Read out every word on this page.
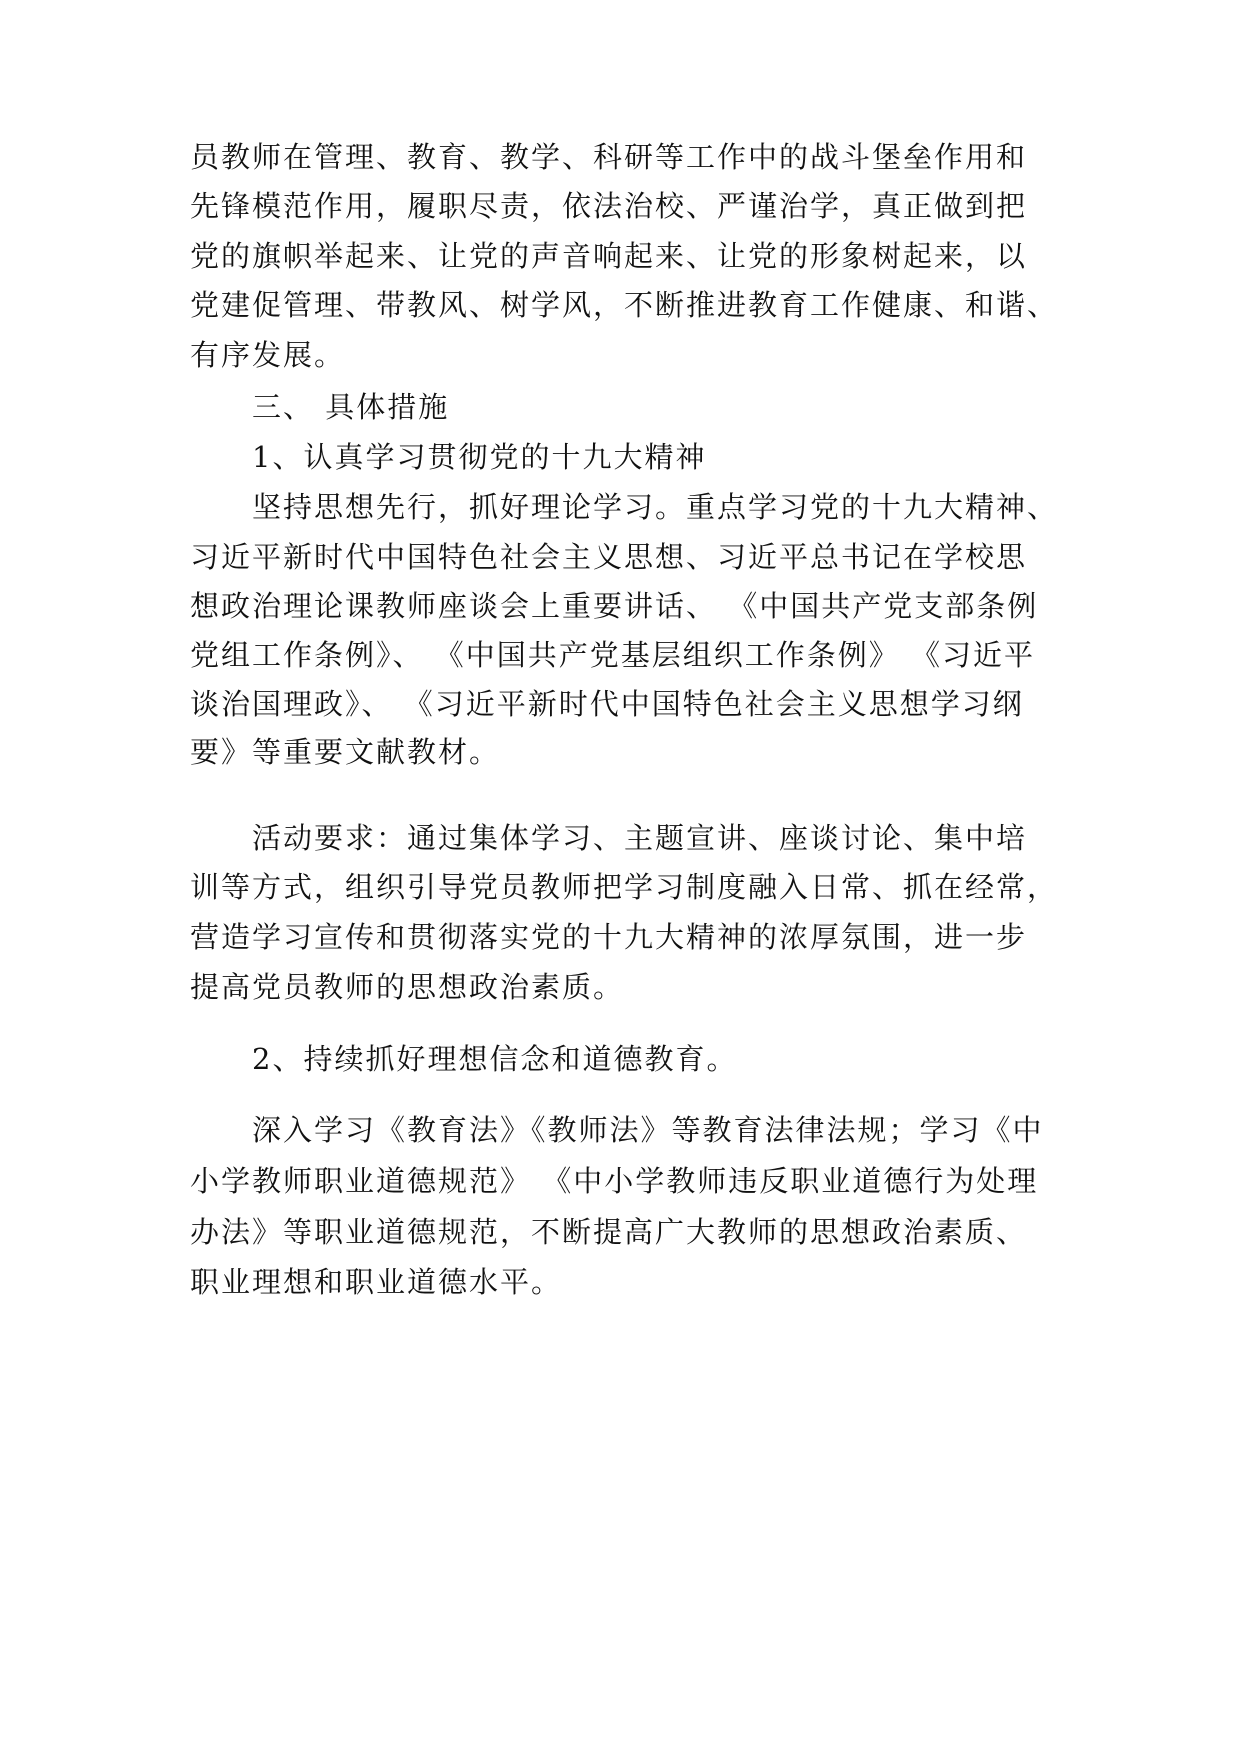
员教师在管理、教育、教学、科研等工作中的战斗堡垒作用和
先锋模范作用，履职尽责，依法治校、严谨治学，真正做到把
党的旗帜举起来、让党的声音响起来、让党的形象树起来，以
党建促管理、带教风、树学风，不断推进教育工作健康、和谐、
有序发展。
三、 具体措施
1、认真学习贯彻党的十九大精神
坚持思想先行，抓好理论学习。重点学习党的十九大精神、
习近平新时代中国特色社会主义思想、习近平总书记在学校思
想政治理论课教师座谈会上重要讲话、 《中国共产党支部条例
党组工作条例》、 《中国共产党基层组织工作条例》 《习近平
谈治国理政》、 《习近平新时代中国特色社会主义思想学习纲
要》等重要文献教材。
活动要求：通过集体学习、主题宣讲、座谈讨论、集中培
训等方式，组织引导党员教师把学习制度融入日常、抓在经常，
营造学习宣传和贯彻落实党的十九大精神的浓厚氛围，进一步
提高党员教师的思想政治素质。
2、持续抓好理想信念和道德教育。
深入学习《教育法》《教师法》等教育法律法规；学习《中
小学教师职业道德规范》 《中小学教师违反职业道德行为处理
办法》等职业道德规范，不断提高广大教师的思想政治素质、
职业理想和职业道德水平。
